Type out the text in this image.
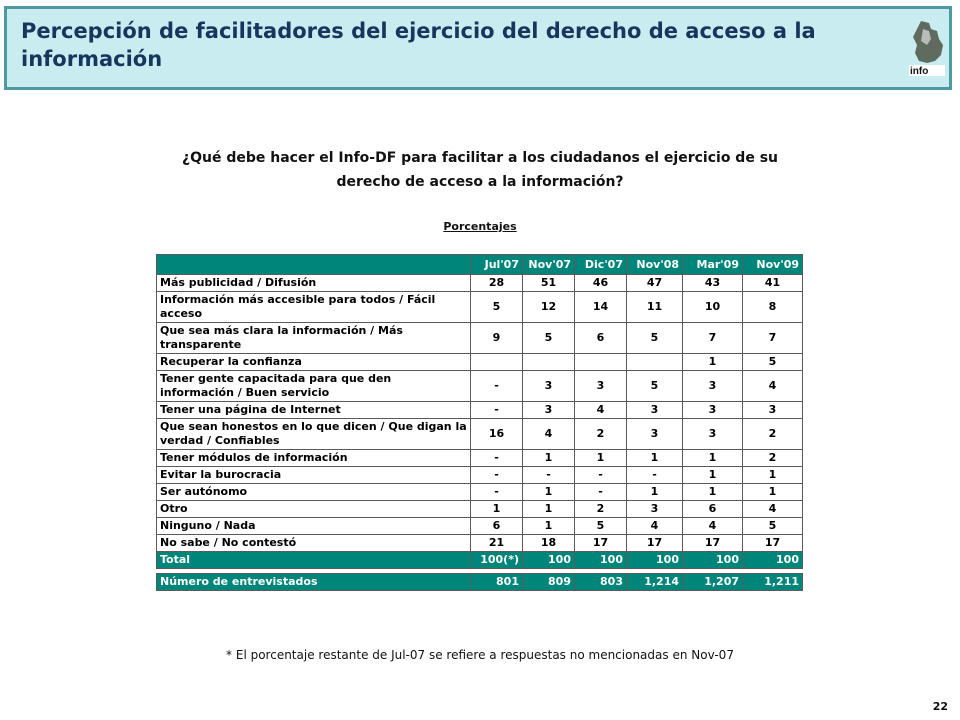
Percepción de facilitadores del ejercicio del derecho de acceso a la información
info
¿Qué debe hacer el Info-DF para facilitar a los ciudadanos el ejercicio de su derecho de acceso a la información?
Porcentajes
	Jul'07	Nov'07	Dic'07	Nov'08	Mar'09	Nov'09
Más publicidad / Difusión	28	51	46	47	43	41
Información más accesible para todos / Fácil acceso	5	12	14	11	10	8
Que sea más clara la información / Más transparente	9	5	6	5	7	7
Recuperar la confianza					1	5
Tener gente capacitada para que den información / Buen servicio	-	3	3	5	3	4
Tener una página de Internet	-	3	4	3	3	3
Que sean honestos en lo que dicen / Que digan la verdad / Confiables	16	4	2	3	3	2
Tener módulos de información	-	1	1	1	1	2
Evitar la burocracia	-	-	-	-	1	1
Ser autónomo	-	1	-	1	1	1
Otro	1	1	2	3	6	4
Ninguno / Nada	6	1	5	4	4	5
No sabe / No contestó	21	18	17	17	17	17
Total	100(*)	100	100	100	100	100

Número de entrevistados	801	809	803	1,214	1,207	1,211
* El porcentaje restante de Jul-07 se refiere a respuestas no mencionadas en Nov-07
22
